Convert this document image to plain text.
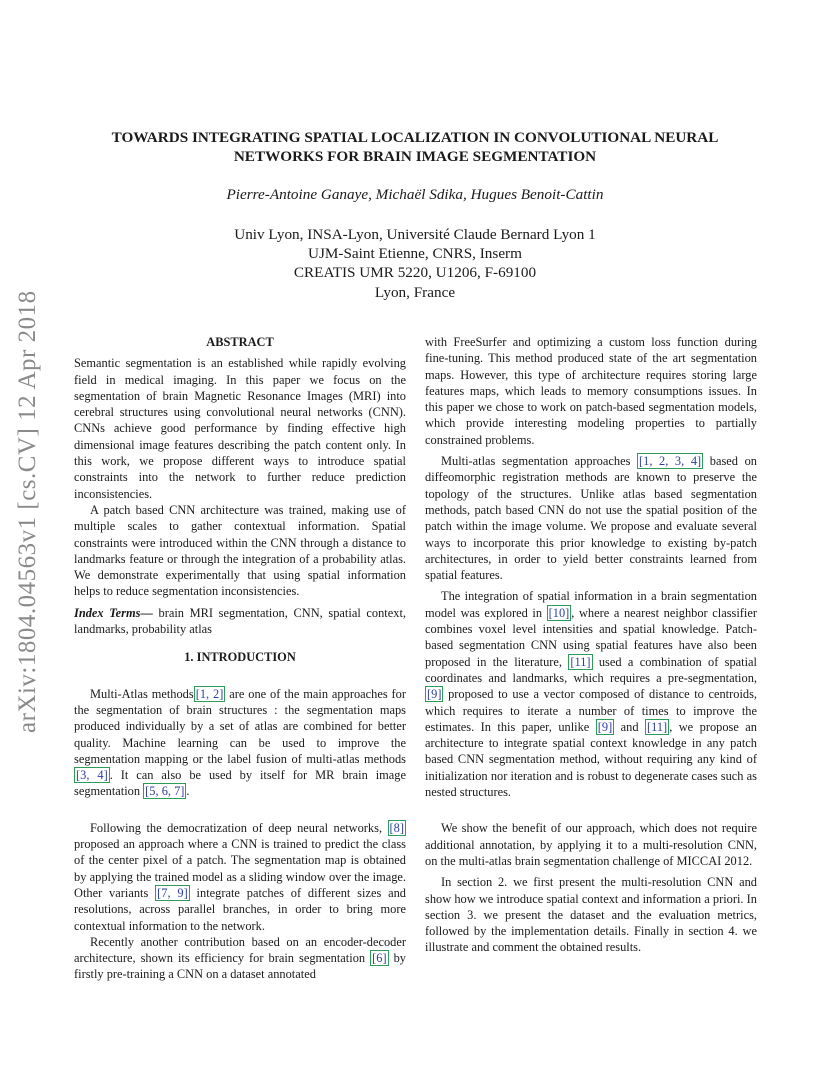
arXiv:1804.04563v1 [cs.CV] 12 Apr 2018
TOWARDS INTEGRATING SPATIAL LOCALIZATION IN CONVOLUTIONAL NEURAL
NETWORKS FOR BRAIN IMAGE SEGMENTATION
Pierre-Antoine Ganaye, Michaël Sdika, Hugues Benoit-Cattin
Univ Lyon, INSA-Lyon, Université Claude Bernard Lyon 1
UJM-Saint Etienne, CNRS, Inserm
CREATIS UMR 5220, U1206, F-69100
Lyon, France
ABSTRACT

Semantic segmentation is an established while rapidly evolving field in medical imaging. In this paper we focus on the segmentation of brain Magnetic Resonance Images (MRI) into cerebral structures using convolutional neural networks (CNN). CNNs achieve good performance by finding effective high dimensional image features describing the patch content only. In this work, we propose different ways to introduce spatial constraints into the network to further reduce prediction inconsistencies.

A patch based CNN architecture was trained, making use of multiple scales to gather contextual information. Spatial constraints were introduced within the CNN through a distance to landmarks feature or through the integration of a probability atlas. We demonstrate experimentally that using spatial information helps to reduce segmentation inconsistencies.

Index Terms— brain MRI segmentation, CNN, spatial context, landmarks, probability atlas

1. INTRODUCTION

Multi-Atlas methods [1, 2] are one of the main approaches for the segmentation of brain structures : the segmentation maps produced individually by a set of atlas are combined for better quality. Machine learning can be used to improve the segmentation mapping or the label fusion of multi-atlas methods [3, 4] . It can also be used by itself for MR brain image segmentation [5, 6, 7] .

Following the democratization of deep neural networks, [8] proposed an approach where a CNN is trained to predict the class of the center pixel of a patch. The segmentation map is obtained by applying the trained model as a sliding window over the image. Other variants [7, 9] integrate patches of different sizes and resolutions, across parallel branches, in order to bring more contextual information to the network.

Recently another contribution based on an encoder-decoder architecture, shown its efficiency for brain segmentation [6] by firstly pre-training a CNN on a dataset annotated

with FreeSurfer and optimizing a custom loss function during fine-tuning. This method produced state of the art segmentation maps. However, this type of architecture requires storing large features maps, which leads to memory consumptions issues. In this paper we chose to work on patch-based segmentation models, which provide interesting modeling properties to partially constrained problems.

Multi-atlas segmentation approaches [1, 2, 3, 4] based on diffeomorphic registration methods are known to preserve the topology of the structures. Unlike atlas based segmentation methods, patch based CNN do not use the spatial position of the patch within the image volume. We propose and evaluate several ways to incorporate this prior knowledge to existing by-patch architectures, in order to yield better constraints learned from spatial features.

The integration of spatial information in a brain segmentation model was explored in [10] , where a nearest neighbor classifier combines voxel level intensities and spatial knowledge. Patch-based segmentation CNN using spatial features have also been proposed in the literature, [11] used a combination of spatial coordinates and landmarks, which requires a pre-segmentation, [9] proposed to use a vector composed of distance to centroids, which requires to iterate a number of times to improve the estimates. In this paper, unlike [9] and [11] , we propose an architecture to integrate spatial context knowledge in any patch based CNN segmentation method, without requiring any kind of initialization nor iteration and is robust to degenerate cases such as nested structures.

We show the benefit of our approach, which does not require additional annotation, by applying it to a multi-resolution CNN, on the multi-atlas brain segmentation challenge of MICCAI 2012.

In section 2. we first present the multi-resolution CNN and show how we introduce spatial context and information a priori. In section 3. we present the dataset and the evaluation metrics, followed by the implementation details. Finally in section 4. we illustrate and comment the obtained results.
